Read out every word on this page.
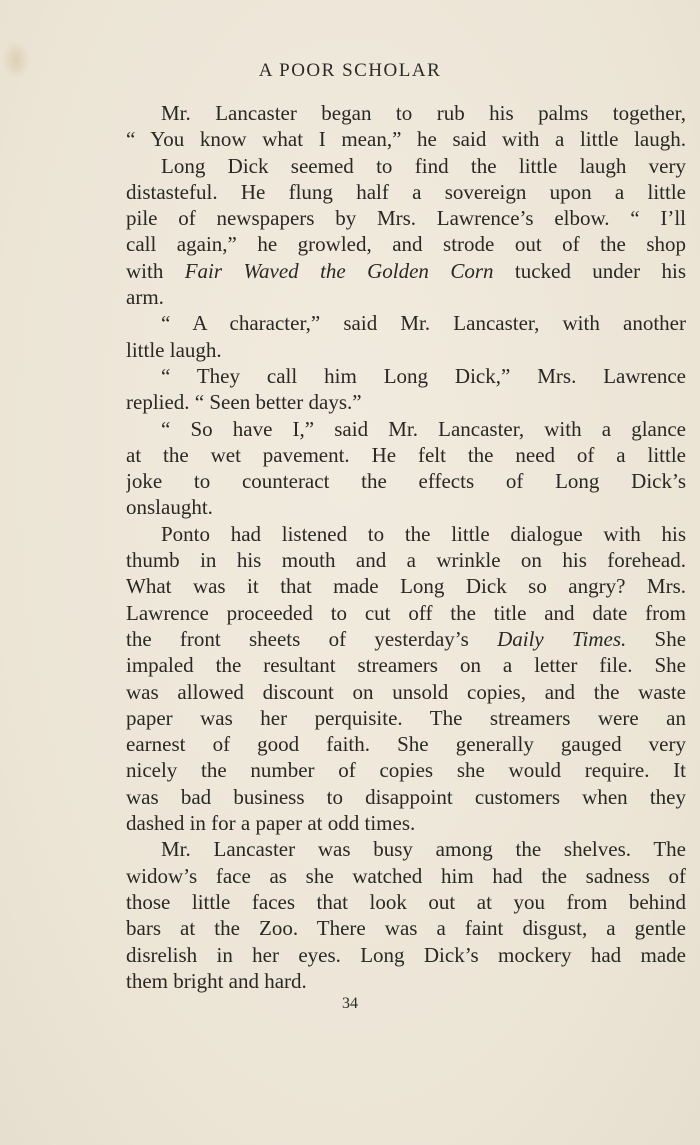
A POOR SCHOLAR
Mr. Lancaster began to rub his palms together,
“ You know what I mean,” he said with a little laugh.
Long Dick seemed to find the little laugh very
distasteful. He flung half a sovereign upon a little
pile of newspapers by Mrs. Lawrence’s elbow. “ I’ll
call again,” he growled, and strode out of the shop
with Fair Waved the Golden Corn tucked under his
arm.
“ A character,” said Mr. Lancaster, with another
little laugh.
“ They call him Long Dick,” Mrs. Lawrence
replied. “ Seen better days.”
“ So have I,” said Mr. Lancaster, with a glance
at the wet pavement. He felt the need of a little
joke to counteract the effects of Long Dick’s
onslaught.
Ponto had listened to the little dialogue with his
thumb in his mouth and a wrinkle on his forehead.
What was it that made Long Dick so angry? Mrs.
Lawrence proceeded to cut off the title and date from
the front sheets of yesterday’s Daily Times. She
impaled the resultant streamers on a letter file. She
was allowed discount on unsold copies, and the waste
paper was her perquisite. The streamers were an
earnest of good faith. She generally gauged very
nicely the number of copies she would require. It
was bad business to disappoint customers when they
dashed in for a paper at odd times.
Mr. Lancaster was busy among the shelves. The
widow’s face as she watched him had the sadness of
those little faces that look out at you from behind
bars at the Zoo. There was a faint disgust, a gentle
disrelish in her eyes. Long Dick’s mockery had made
them bright and hard.
34
